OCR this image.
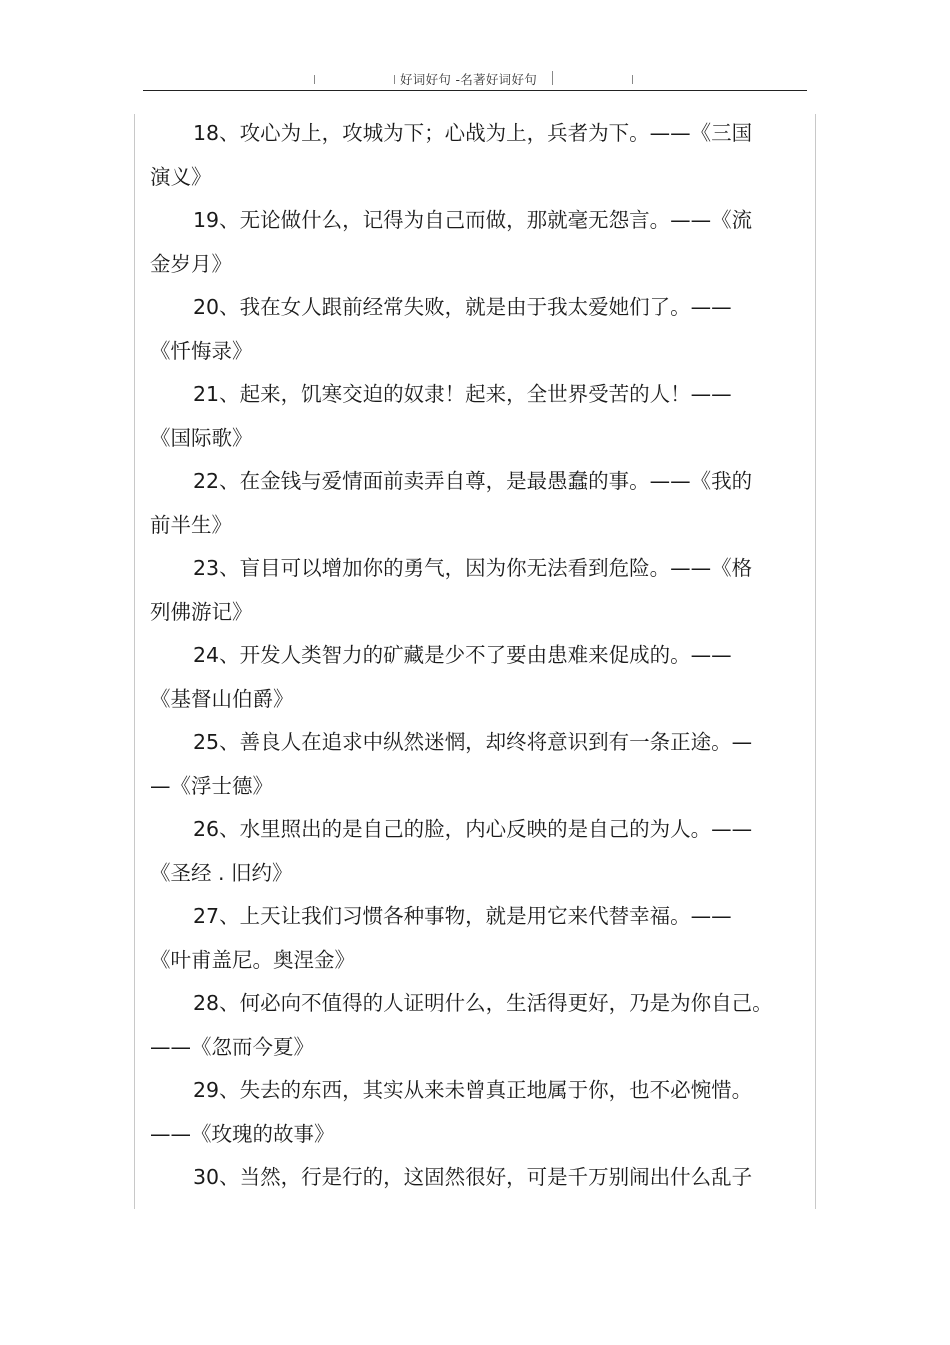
好词好句 -名著好词好句
18、攻心为上，攻城为下；心战为上，兵者为下。——《三国
演义》
19、无论做什么，记得为自己而做，那就毫无怨言。——《流
金岁月》
20、我在女人跟前经常失败，就是由于我太爱她们了。——
《忏悔录》
21、起来，饥寒交迫的奴隶！起来，全世界受苦的人！——
《国际歌》
22、在金钱与爱情面前卖弄自尊，是最愚蠢的事。——《我的
前半生》
23、盲目可以增加你的勇气，因为你无法看到危险。——《格
列佛游记》
24、开发人类智力的矿藏是少不了要由患难来促成的。——
《基督山伯爵》
25、善良人在追求中纵然迷惘，却终将意识到有一条正途。—
—《浮士德》
26、水里照出的是自己的脸，内心反映的是自己的为人。——
《圣经 . 旧约》
27、上天让我们习惯各种事物，就是用它来代替幸福。——
《叶甫盖尼。奥涅金》
28、何必向不值得的人证明什么，生活得更好，乃是为你自己。
——《忽而今夏》
29、失去的东西，其实从来未曾真正地属于你，也不必惋惜。
——《玫瑰的故事》
30、当然，行是行的，这固然很好，可是千万别闹出什么乱子
